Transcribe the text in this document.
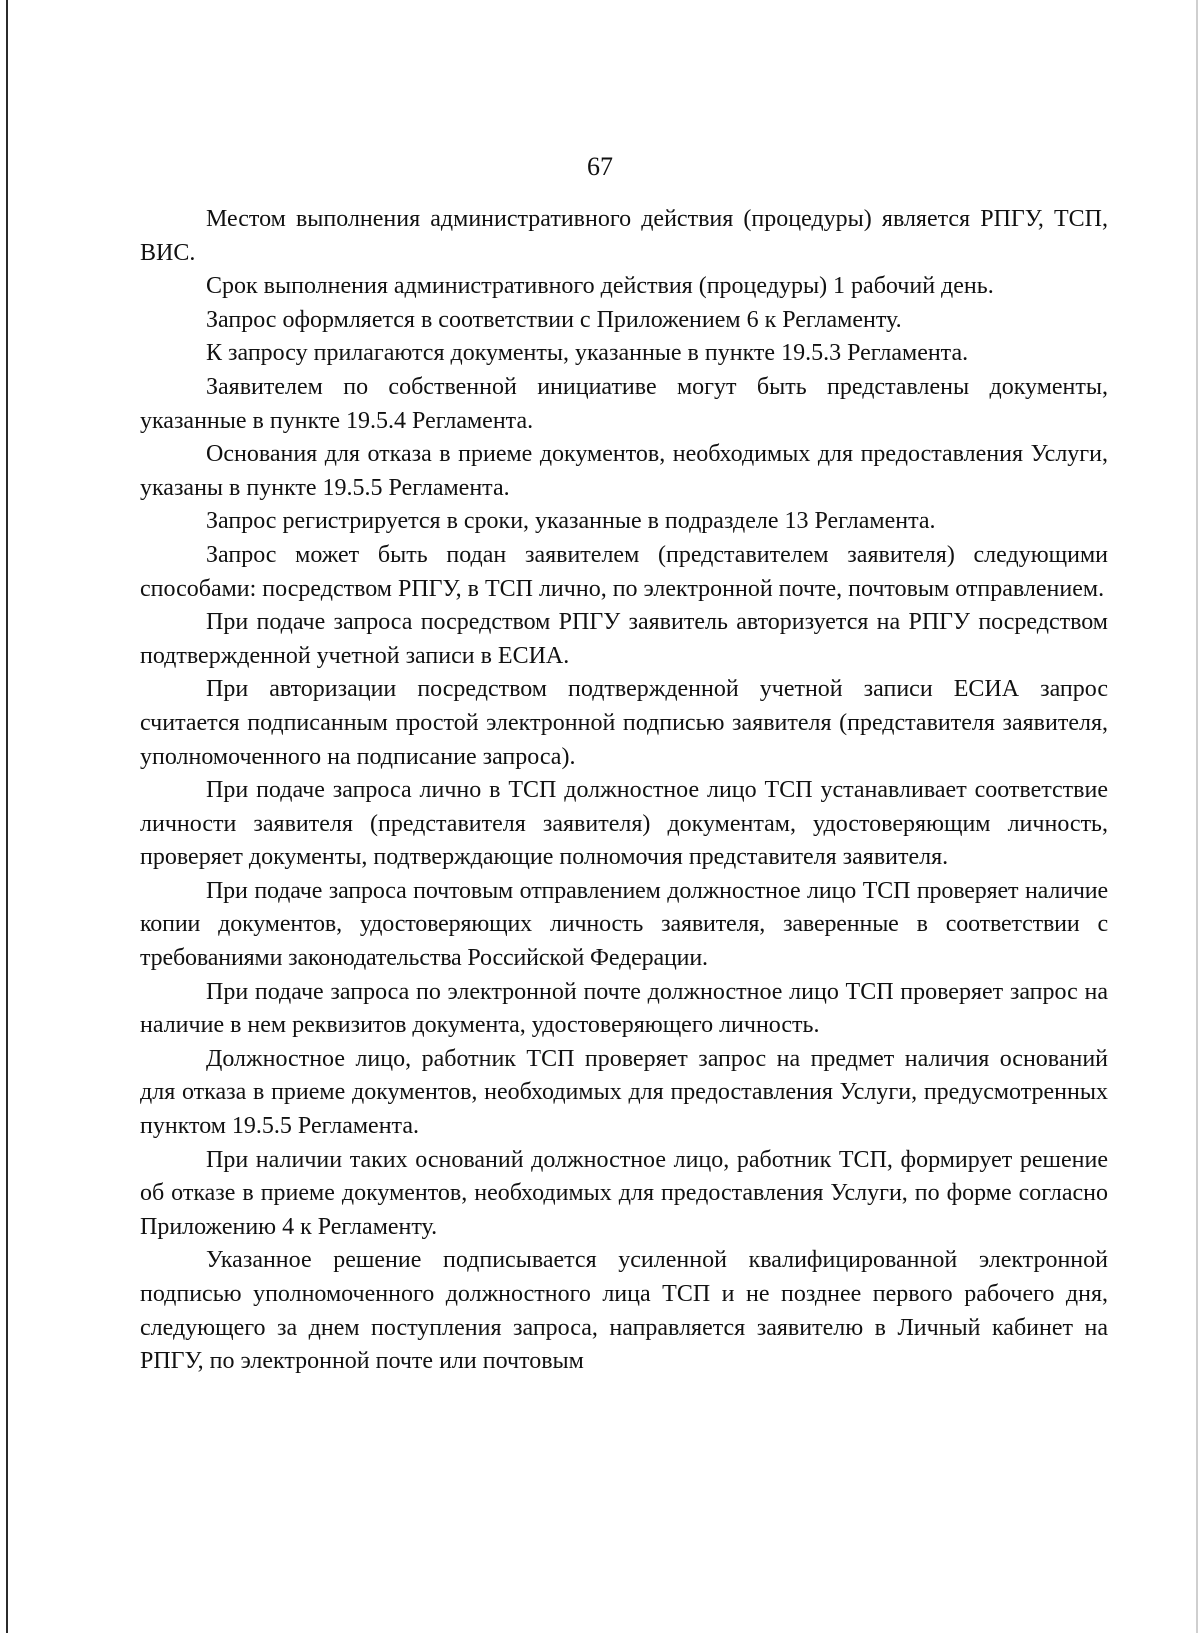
67

Местом выполнения административного действия (процедуры) является РПГУ, ТСП, ВИС.

Срок выполнения административного действия (процедуры) 1 рабочий день.

Запрос оформляется в соответствии с Приложением 6 к Регламенту.

К запросу прилагаются документы, указанные в пункте 19.5.3 Регламента.

Заявителем по собственной инициативе могут быть представлены документы, указанные в пункте 19.5.4 Регламента.

Основания для отказа в приеме документов, необходимых для предоставления Услуги, указаны в пункте 19.5.5 Регламента.

Запрос регистрируется в сроки, указанные в подразделе 13 Регламента.

Запрос может быть подан заявителем (представителем заявителя) следующими способами: посредством РПГУ, в ТСП лично, по электронной почте, почтовым отправлением.

При подаче запроса посредством РПГУ заявитель авторизуется на РПГУ посредством подтвержденной учетной записи в ЕСИА.

При авторизации посредством подтвержденной учетной записи ЕСИА запрос считается подписанным простой электронной подписью заявителя (представителя заявителя, уполномоченного на подписание запроса).

При подаче запроса лично в ТСП должностное лицо ТСП устанавливает соответствие личности заявителя (представителя заявителя) документам, удостоверяющим личность, проверяет документы, подтверждающие полномочия представителя заявителя.

При подаче запроса почтовым отправлением должностное лицо ТСП проверяет наличие копии документов, удостоверяющих личность заявителя, заверенные в соответствии с требованиями законодательства Российской Федерации.

При подаче запроса по электронной почте должностное лицо ТСП проверяет запрос на наличие в нем реквизитов документа, удостоверяющего личность.

Должностное лицо, работник ТСП проверяет запрос на предмет наличия оснований для отказа в приеме документов, необходимых для предоставления Услуги, предусмотренных пунктом 19.5.5 Регламента.

При наличии таких оснований должностное лицо, работник ТСП, формирует решение об отказе в приеме документов, необходимых для предоставления Услуги, по форме согласно Приложению 4 к Регламенту.

Указанное решение подписывается усиленной квалифицированной электронной подписью уполномоченного должностного лица ТСП и не позднее первого рабочего дня, следующего за днем поступления запроса, направляется заявителю в Личный кабинет на РПГУ, по электронной почте или почтовым
